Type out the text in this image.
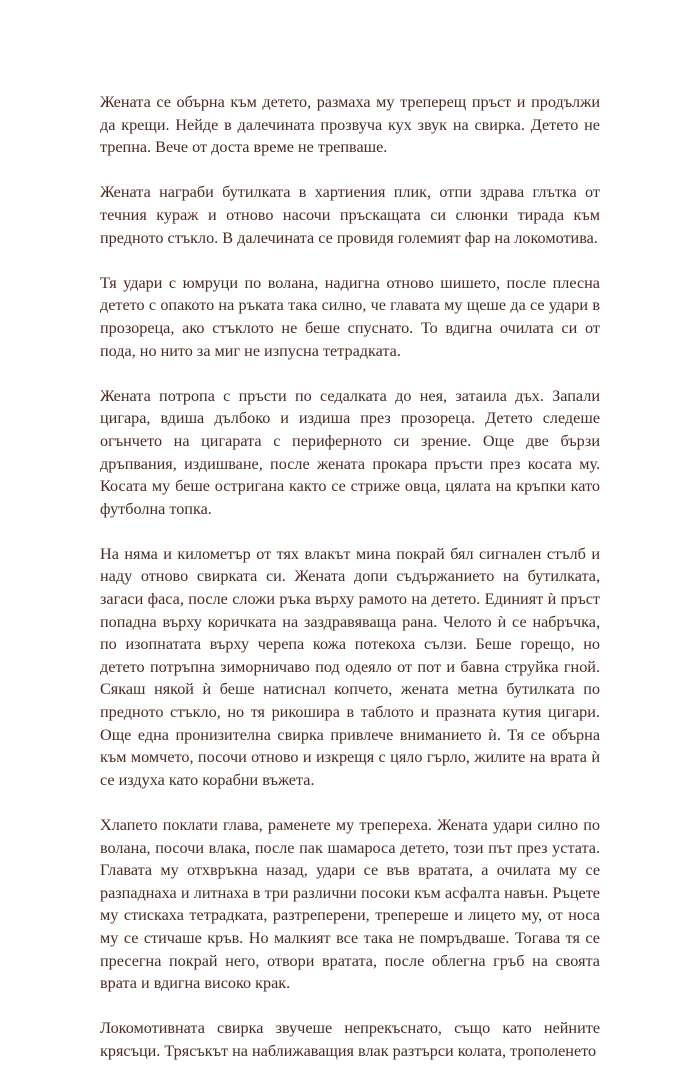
Жената се обърна към детето, размаха му треперещ пръст и продължи да крещи. Нейде в далечината прозвуча кух звук на свирка. Детето не трепна. Вече от доста време не трепваше.

Жената награби бутилката в хартиения плик, отпи здрава глътка от течния кураж и отново насочи пръскащата си слюнки тирада към предното стъкло. В далечината се провидя големият фар на локомотива.

Тя удари с юмруци по волана, надигна отново шишето, после плесна детето с опакото на ръката така силно, че главата му щеше да се удари в прозореца, ако стъклото не беше спуснато. То вдигна очилата си от пода, но нито за миг не изпусна тетрадката.

Жената потропа с пръсти по седалката до нея, затаила дъх. Запали цигара, вдиша дълбоко и издиша през прозореца. Детето следеше огънчето на цигарата с периферното си зрение. Още две бързи дръпвания, издишване, после жената прокара пръсти през косата му. Косата му беше остригана както се стриже овца, цялата на кръпки като футболна топка.

На няма и километър от тях влакът мина покрай бял сигнален стълб и наду отново свирката си. Жената допи съдържанието на бутилката, загаси фаса, после сложи ръка върху рамото на детето. Единият ѝ пръст попадна върху коричката на заздравяваща рана. Челото ѝ се набръчка, по изопнатата върху черепа кожа потекоха сълзи. Беше горещо, но детето потръпна зиморничаво под одеяло от пот и бавна струйка гной. Сякаш някой ѝ беше натиснал копчето, жената метна бутилката по предното стъкло, но тя рикошира в таблото и празната кутия цигари. Още една пронизителна свирка привлече вниманието ѝ. Тя се обърна към момчето, посочи отново и изкрещя с цяло гърло, жилите на врата ѝ се издуха като корабни въжета.

Хлапето поклати глава, раменете му трепереха. Жената удари силно по волана, посочи влака, после пак шамароса детето, този път през устата. Главата му отхвръкна назад, удари се във вратата, а очилата му се разпаднаха и литнаха в три различни посоки към асфалта навън. Ръцете му стискаха тетрадката, разтреперени, трепереше и лицето му, от носа му се стичаше кръв. Но малкият все така не помръдваше. Тогава тя се пресегна покрай него, отвори вратата, после облегна гръб на своята врата и вдигна високо крак.

Локомотивната свирка звучеше непрекъснато, също като нейните крясъци. Трясъкът на наближаващия влак разтърси колата, трополенето
